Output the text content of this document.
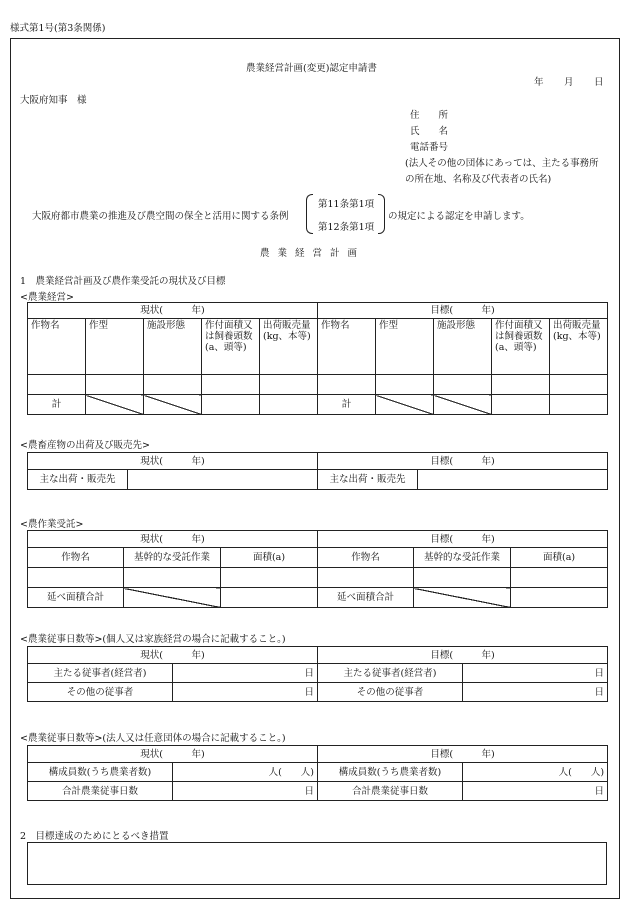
様式第1号(第3条関係)
農業経営計画(変更)認定申請書
年 月 日
大阪府知事　様
住　　所
氏　　名
電話番号
(法人その他の団体にあっては、主たる事務所
の所在地、名称及び代表者の氏名)
大阪府都市農業の推進及び農空間の保全と活用に関する条例
第11条第1項
第12条第1項
の規定による認定を申請します。
農業経営計画
1　農業経営計画及び農作業受託の現状及び目標
<農業経営>
現状(　　　年)					目標(　　　年)				
作物名	作型	施設形態	作付面積又は飼養頭数(a、頭等)	出荷販売量(kg、本等)	作物名	作型	施設形態	作付面積又は飼養頭数(a、頭等)	出荷販売量(kg、本等)

計					計				
<農畜産物の出荷及び販売先>
現状(　　　年)		目標(　　　年)	
主な出荷・販売先		主な出荷・販売先	
<農作業受託>
現状(　　　年)			目標(　　　年)		
作物名	基幹的な受託作業	面積(a)	作物名	基幹的な受託作業	面積(a)

延べ面積合計			延べ面積合計		
<農業従事日数等>(個人又は家族経営の場合に記載すること。)
現状(　　　年)		目標(　　　年)	
主たる従事者(経営者)	日	主たる従事者(経営者)	日
その他の従事者	日	その他の従事者	日
<農業従事日数等>(法人又は任意団体の場合に記載すること。)
現状(　　　年)		目標(　　　年)	
構成員数(うち農業者数)	人(　　人)	構成員数(うち農業者数)	人(　　人)
合計農業従事日数	日	合計農業従事日数	日
2　目標達成のためにとるべき措置
